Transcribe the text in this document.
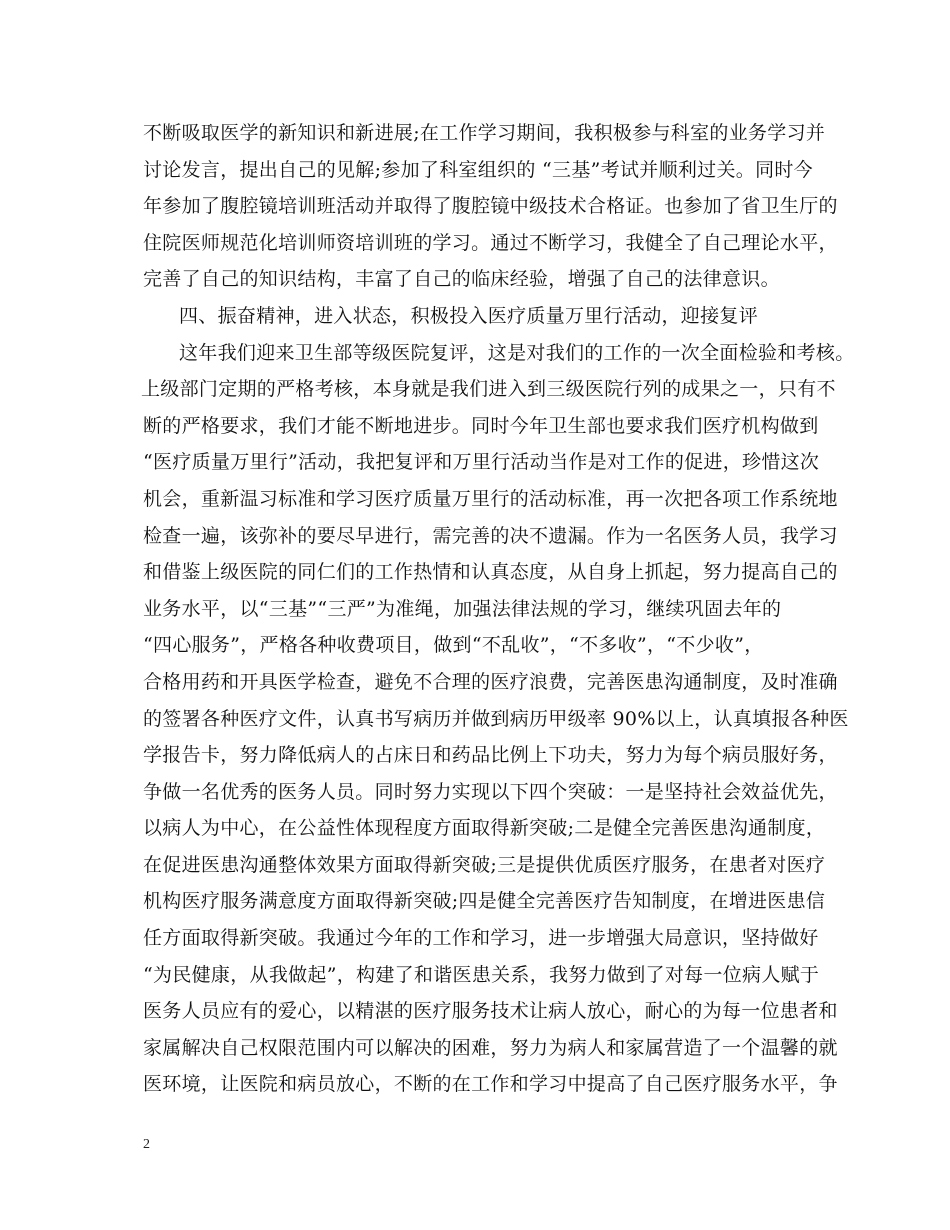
不断吸取医学的新知识和新进展;在工作学习期间，我积极参与科室的业务学习并
讨论发言，提出自己的见解;参加了科室组织的 “三基”考试并顺利过关。同时今
年参加了腹腔镜培训班活动并取得了腹腔镜中级技术合格证。也参加了省卫生厅的
住院医师规范化培训师资培训班的学习。通过不断学习，我健全了自己理论水平，
完善了自己的知识结构，丰富了自己的临床经验，增强了自己的法律意识。
四、振奋精神，进入状态，积极投入医疗质量万里行活动，迎接复评
这年我们迎来卫生部等级医院复评，这是对我们的工作的一次全面检验和考核。
上级部门定期的严格考核，本身就是我们进入到三级医院行列的成果之一，只有不
断的严格要求，我们才能不断地进步。同时今年卫生部也要求我们医疗机构做到
“医疗质量万里行”活动，我把复评和万里行活动当作是对工作的促进，珍惜这次
机会，重新温习标准和学习医疗质量万里行的活动标准，再一次把各项工作系统地
检查一遍，该弥补的要尽早进行，需完善的决不遗漏。作为一名医务人员，我学习
和借鉴上级医院的同仁们的工作热情和认真态度，从自身上抓起，努力提高自己的
业务水平，以“三基”“三严”为准绳，加强法律法规的学习，继续巩固去年的
“四心服务”，严格各种收费项目，做到“不乱收”，“不多收”，“不少收”，
合格用药和开具医学检查，避免不合理的医疗浪费，完善医患沟通制度，及时准确
的签署各种医疗文件，认真书写病历并做到病历甲级率 90%以上，认真填报各种医
学报告卡，努力降低病人的占床日和药品比例上下功夫，努力为每个病员服好务，
争做一名优秀的医务人员。同时努力实现以下四个突破：一是坚持社会效益优先，
以病人为中心，在公益性体现程度方面取得新突破;二是健全完善医患沟通制度，
在促进医患沟通整体效果方面取得新突破;三是提供优质医疗服务，在患者对医疗
机构医疗服务满意度方面取得新突破;四是健全完善医疗告知制度，在增进医患信
任方面取得新突破。我通过今年的工作和学习，进一步增强大局意识，坚持做好
“为民健康，从我做起”，构建了和谐医患关系，我努力做到了对每一位病人赋于
医务人员应有的爱心，以精湛的医疗服务技术让病人放心，耐心的为每一位患者和
家属解决自己权限范围内可以解决的困难，努力为病人和家属营造了一个温馨的就
医环境，让医院和病员放心，不断的在工作和学习中提高了自己医疗服务水平，争
2
